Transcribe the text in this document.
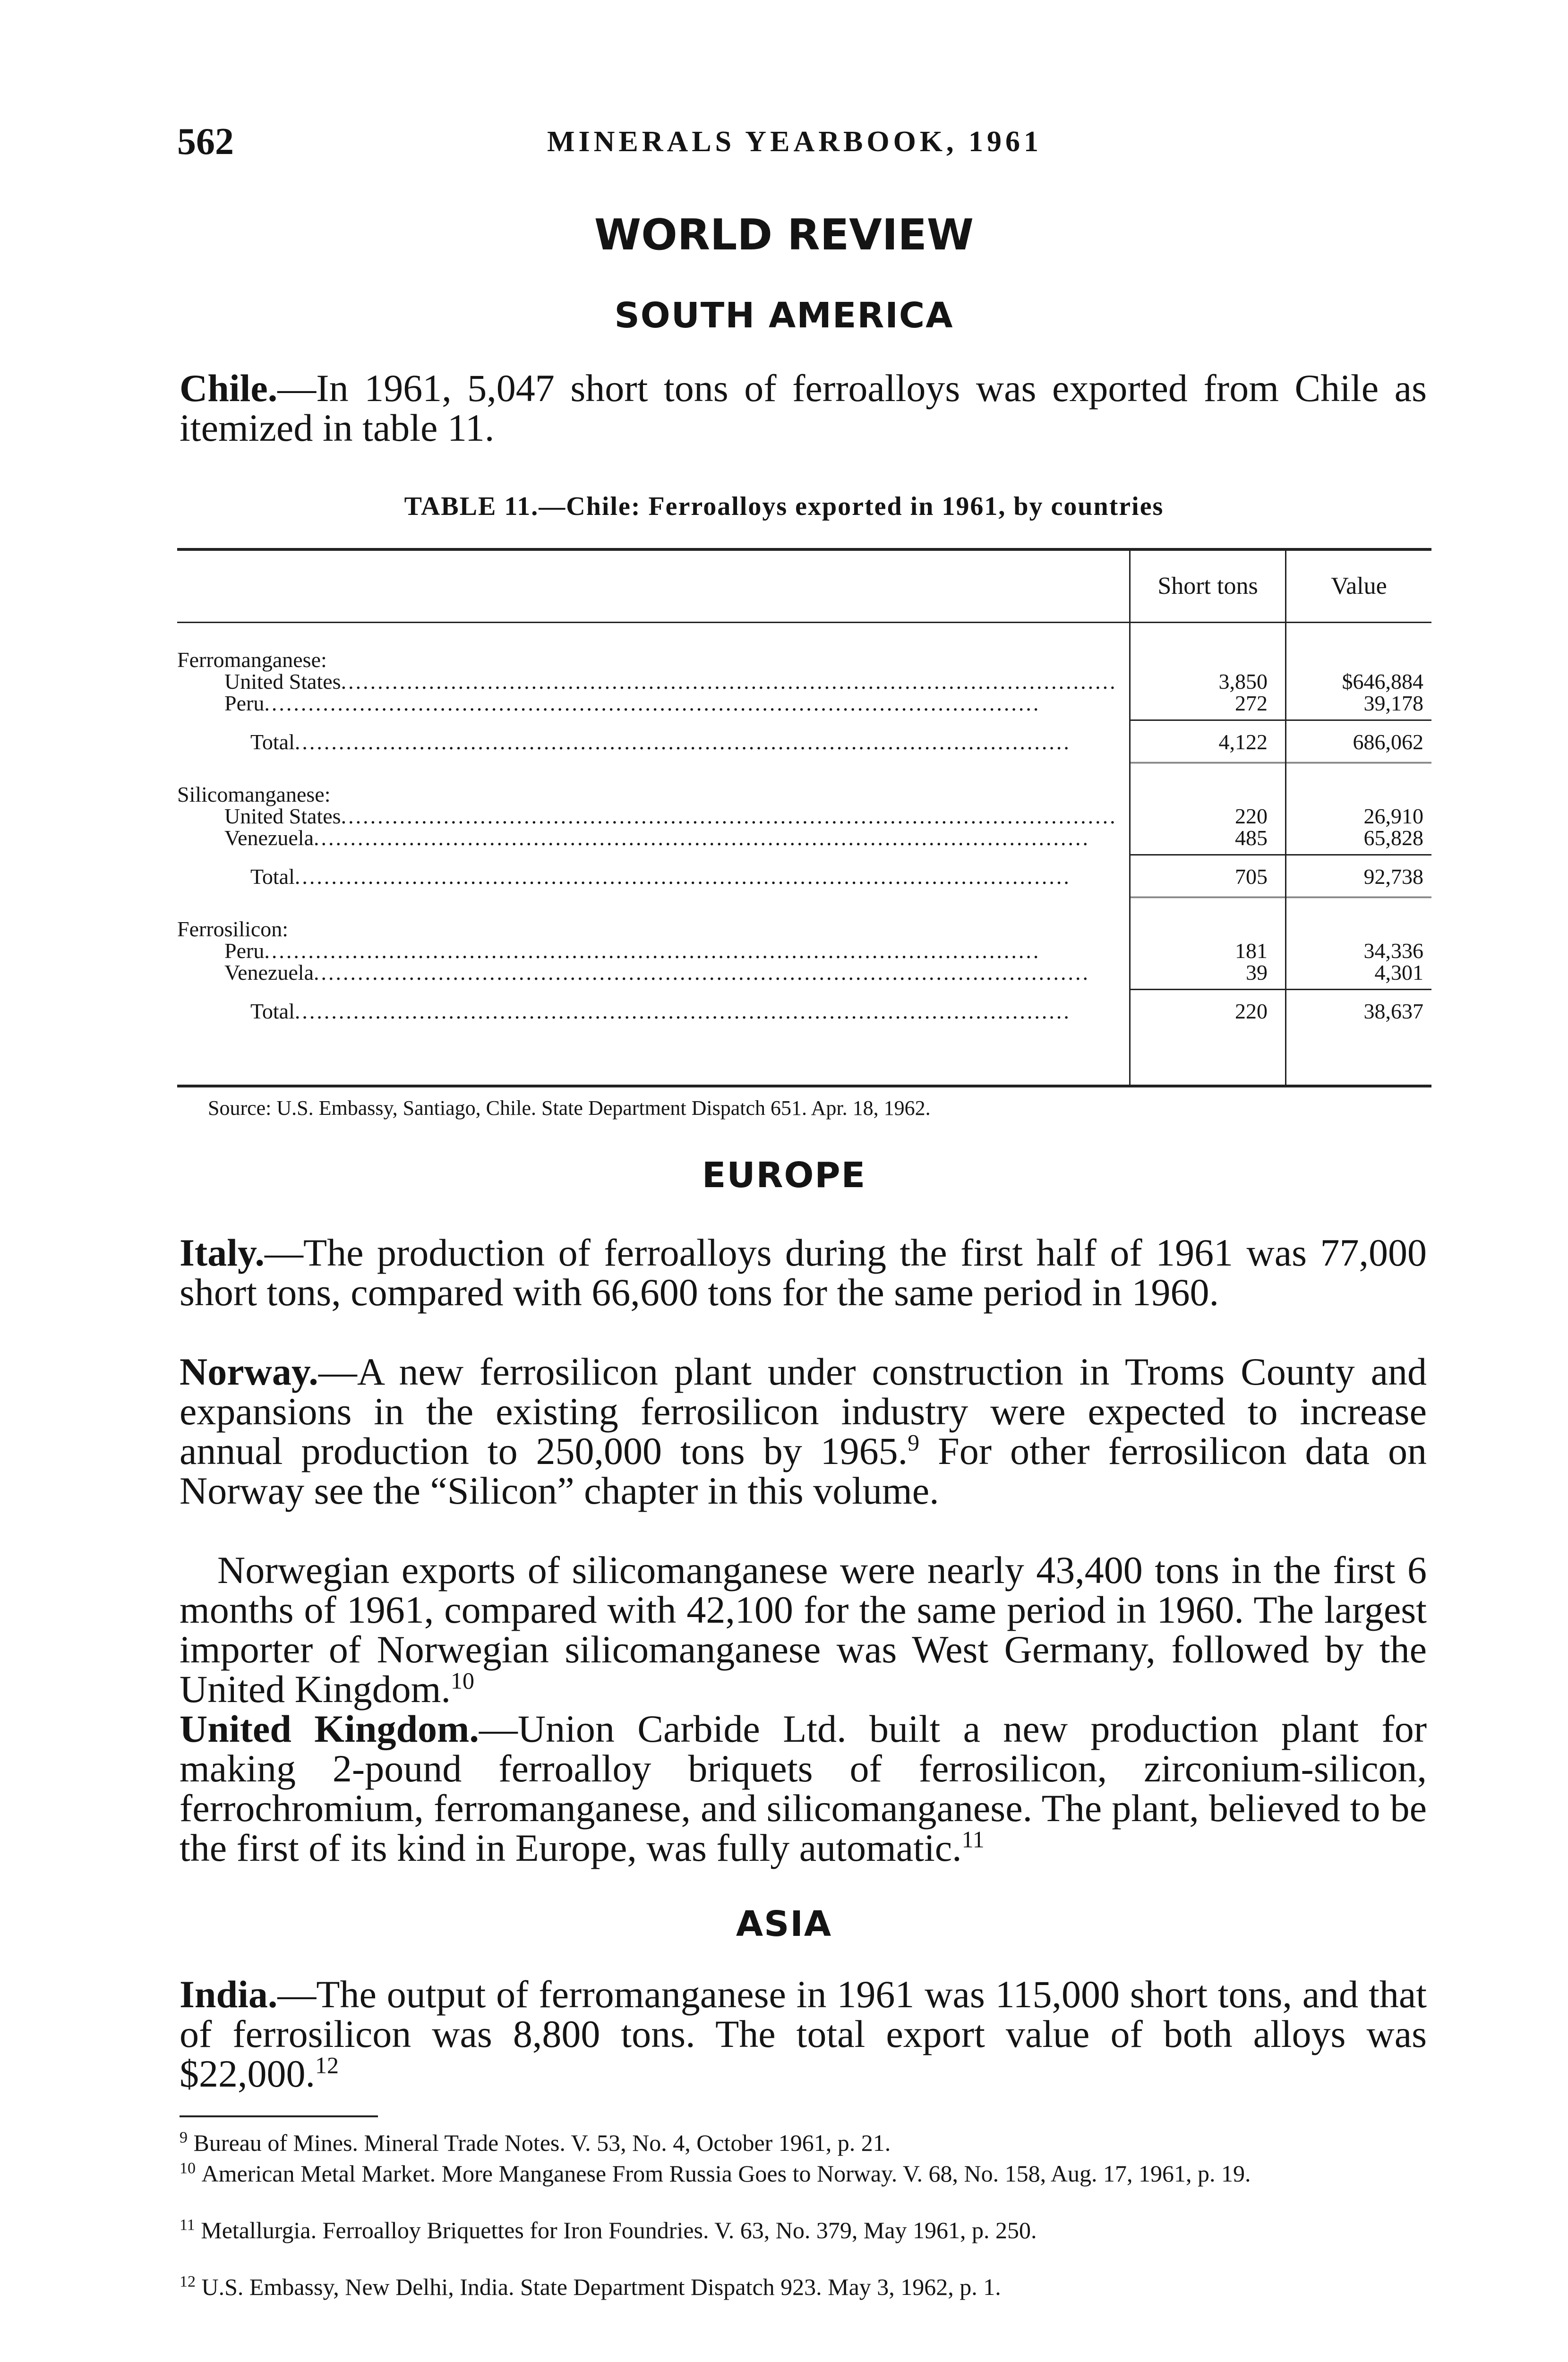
562	MINERALS YEARBOOK, 1961
WORLD REVIEW
SOUTH AMERICA

Chile.—In 1961, 5,047 short tons of ferroalloys was exported from Chile as itemized in table 11.

TABLE 11.—Chile: Ferroalloys exported in 1961, by countries
Short tons	Value
Ferromanganese:
United States..........................................................................................................	3,850	$646,884
Peru..........................................................................................................	272	39,178
Total..........................................................................................................	4,122	686,062
Silicomanganese:
United States..........................................................................................................	220	26,910
Venezuela..........................................................................................................	485	65,828
Total..........................................................................................................	705	92,738
Ferrosilicon:
Peru..........................................................................................................	181	34,336
Venezuela..........................................................................................................	39	4,301
Total..........................................................................................................	220	38,637
Source: U.S. Embassy, Santiago, Chile. State Department Dispatch 651. Apr. 18, 1962.
EUROPE

Italy.—The production of ferroalloys during the first half of 1961 was 77,000 short tons, compared with 66,600 tons for the same period in 1960.

Norway.—A new ferrosilicon plant under construction in Troms County and expansions in the existing ferrosilicon industry were expected to increase annual production to 250,000 tons by 1965.$^9$ For other ferrosilicon data on Norway see the “Silicon” chapter in this volume.

Norwegian exports of silicomanganese were nearly 43,400 tons in the first 6 months of 1961, compared with 42,100 for the same period in 1960. The largest importer of Norwegian silicomanganese was West Germany, followed by the United Kingdom.$^{10}$

United Kingdom.—Union Carbide Ltd. built a new production plant for making 2-pound ferroalloy briquets of ferrosilicon, zirconium-silicon, ferrochromium, ferromanganese, and silicomanganese. The plant, believed to be the first of its kind in Europe, was fully automatic.$^{11}$

ASIA

India.—The output of ferromanganese in 1961 was 115,000 short tons, and that of ferrosilicon was 8,800 tons. The total export value of both alloys was $22,000.12

$^9$ Bureau of Mines. Mineral Trade Notes. V. 53, No. 4, October 1961, p. 21.

$^{10}$ American Metal Market. More Manganese From Russia Goes to Norway. V. 68, No. 158, Aug. 17, 1961, p. 19.

$^{11}$ Metallurgia. Ferroalloy Briquettes for Iron Foundries. V. 63, No. 379, May 1961, p. 250.

$^{12}$ U.S. Embassy, New Delhi, India. State Department Dispatch 923. May 3, 1962, p. 1.
